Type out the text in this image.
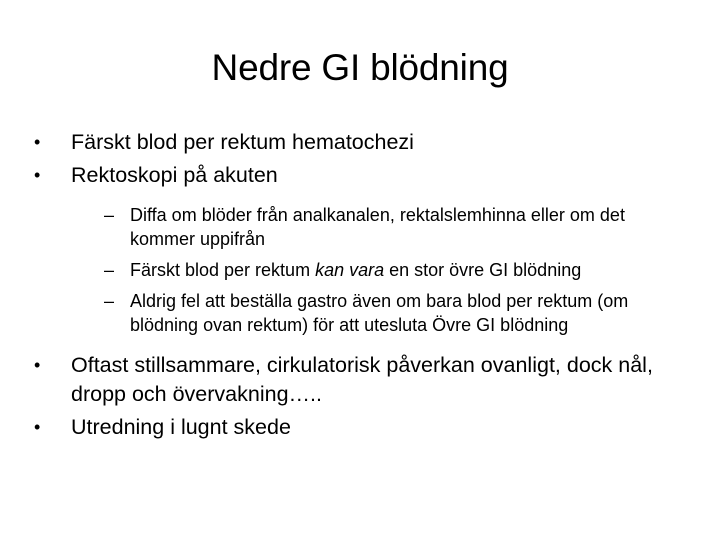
Nedre GI blödning
•	Färskt blod per rektum hematochezi
•	Rektoskopi på akuten
– Diffa om blöder från analkanalen, rektalslemhinna eller om det kommer uppifrån
– Färskt blod per rektum kan vara en stor övre GI blödning
– Aldrig fel att beställa gastro även om bara blod per rektum (om blödning ovan rektum) för att utesluta Övre GI blödning
•	Oftast stillsammare, cirkulatorisk påverkan ovanligt, dock nål, dropp och övervakning…..
•	Utredning i lugnt skede
